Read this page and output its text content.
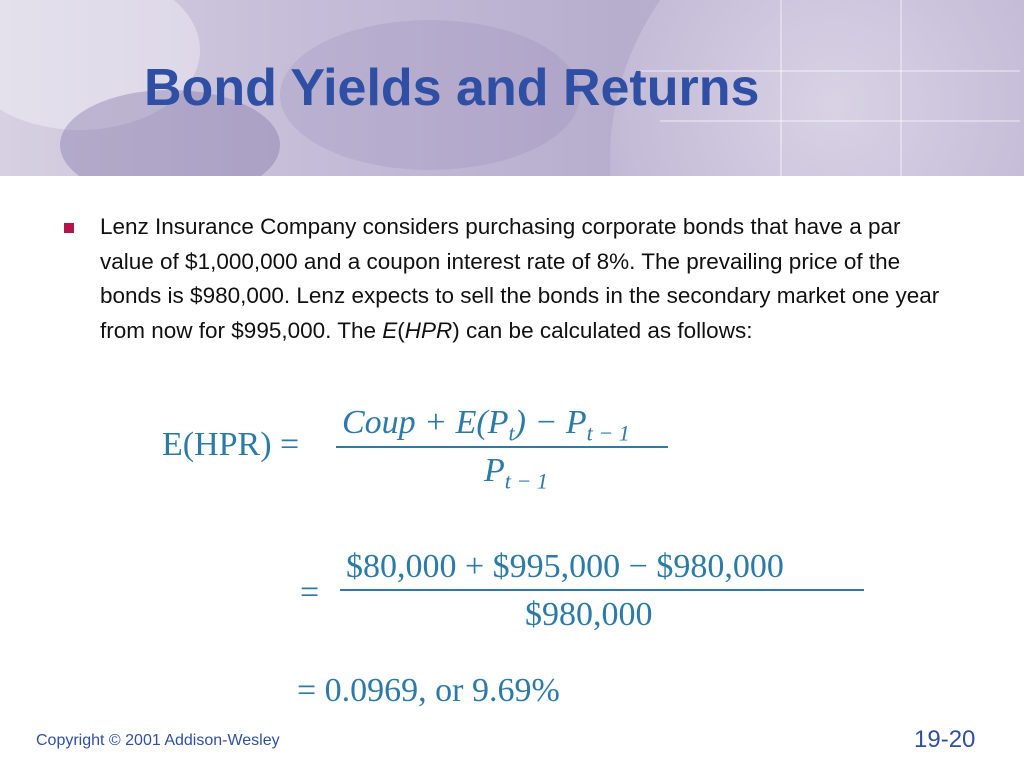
Bond Yields and Returns
Lenz Insurance Company considers purchasing corporate bonds that have a par value of $1,000,000 and a coupon interest rate of 8%. The prevailing price of the bonds is $980,000. Lenz expects to sell the bonds in the secondary market one year from now for $995,000. The E(HPR) can be calculated as follows:
E(HPR) =
Coup + $E(P_t) - P_{t - 1}$
$P_{t - 1}$
=
$80,000 + $995,000 − $980,000
$980,000
= 0.0969, or 9.69%
Copyright © 2001 Addison-Wesley	19-20
